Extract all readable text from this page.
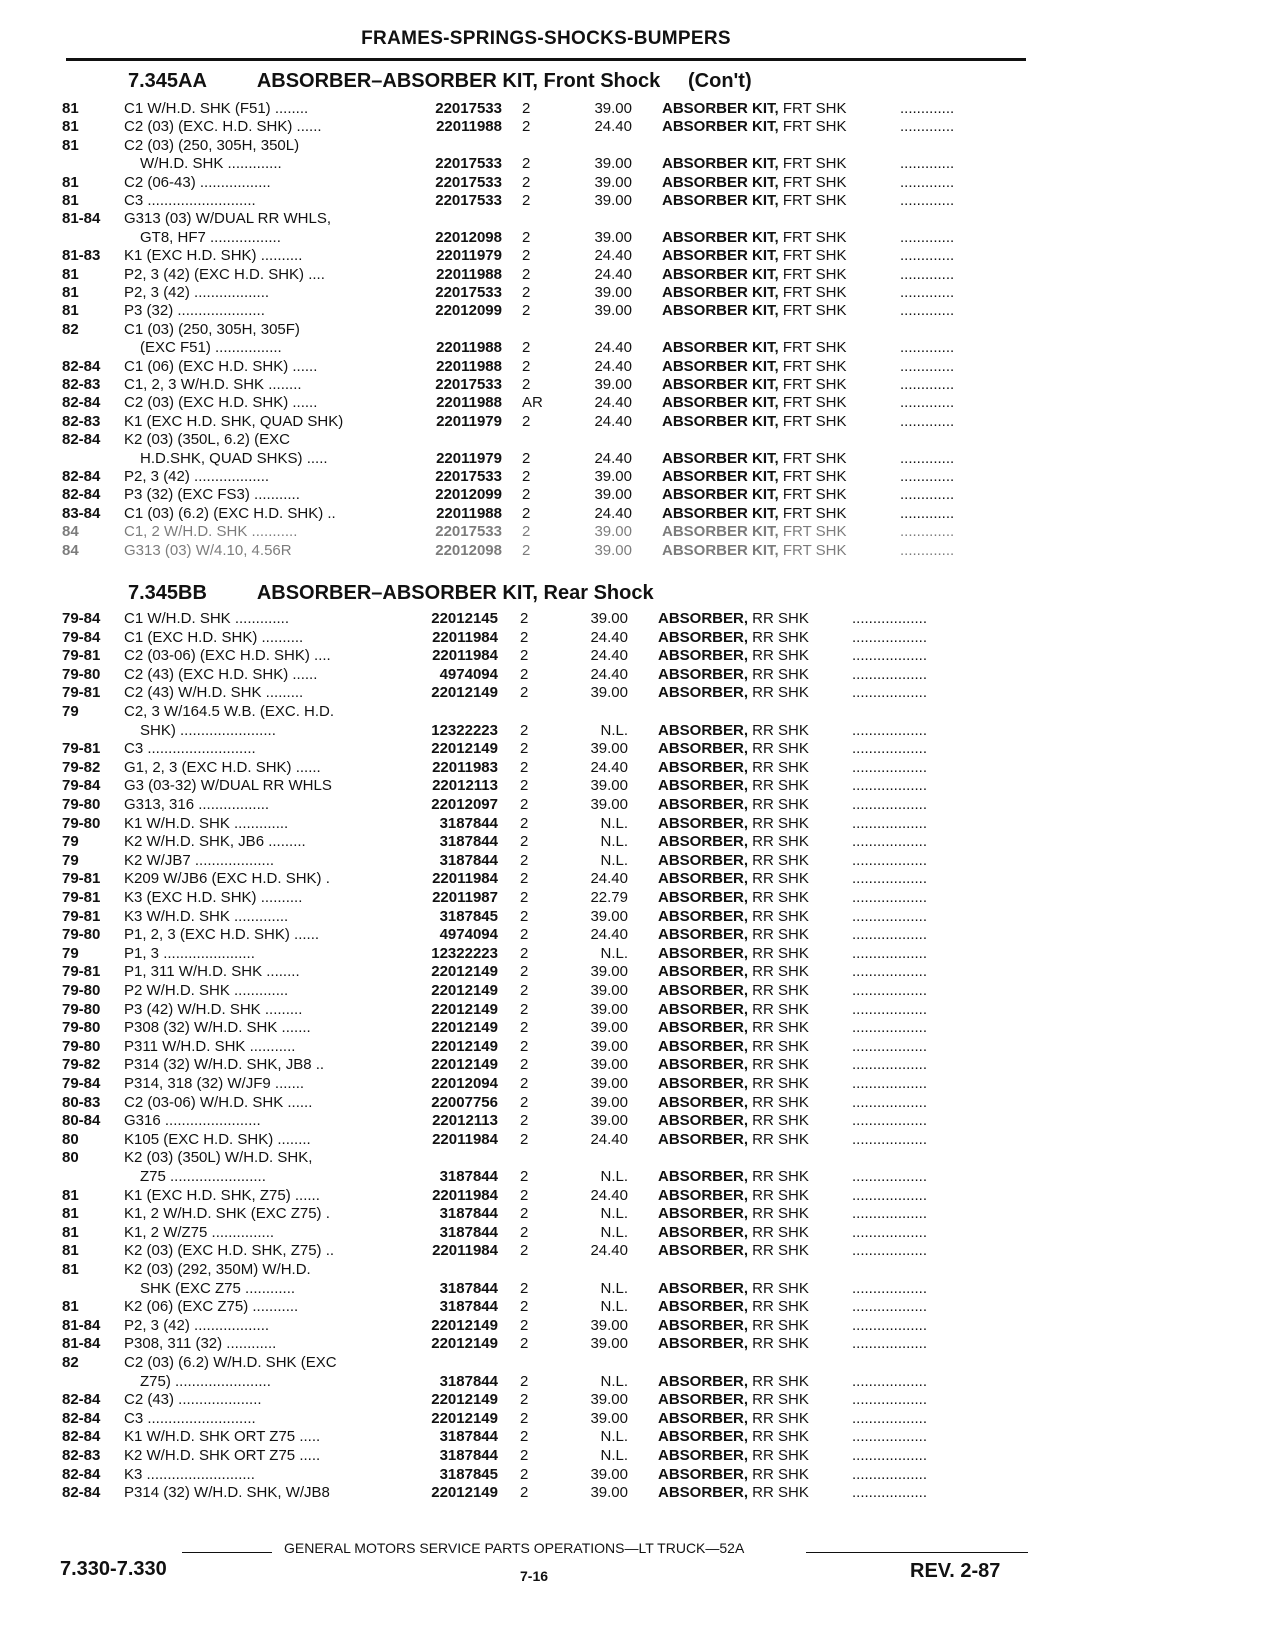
FRAMES-SPRINGS-SHOCKS-BUMPERS
7.345AA ABSORBER–ABSORBER KIT, Front Shock (Con't)
81	C1 W/H.D. SHK (F51) ........	22017533 2	39.00 ABSORBER KIT, FRT SHK	.............
81	C2 (03) (EXC. H.D. SHK) ......	22011988 2	24.40 ABSORBER KIT, FRT SHK	.............
81	C2 (03) (250, 305H, 350L)
W/H.D. SHK .............	22017533 2	39.00 ABSORBER KIT, FRT SHK	.............
81	C2 (06-43) .................	22017533 2	39.00 ABSORBER KIT, FRT SHK	.............
81	C3 ..........................	22017533 2	39.00 ABSORBER KIT, FRT SHK	.............
81-84 G313 (03) W/DUAL RR WHLS,
GT8, HF7 .................	22012098 2	39.00 ABSORBER KIT, FRT SHK	.............
81-83 K1 (EXC H.D. SHK) ..........	22011979 2	24.40 ABSORBER KIT, FRT SHK	.............
81	P2, 3 (42) (EXC H.D. SHK) ....	22011988 2	24.40 ABSORBER KIT, FRT SHK	.............
81	P2, 3 (42) ..................	22017533 2	39.00 ABSORBER KIT, FRT SHK	.............
81	P3 (32) .....................	22012099 2	39.00 ABSORBER KIT, FRT SHK	.............
82	C1 (03) (250, 305H, 305F)
(EXC F51) ................	22011988 2	24.40 ABSORBER KIT, FRT SHK	.............
82-84 C1 (06) (EXC H.D. SHK) ......	22011988 2	24.40 ABSORBER KIT, FRT SHK	.............
82-83 C1, 2, 3 W/H.D. SHK ........	22017533 2	39.00 ABSORBER KIT, FRT SHK	.............
82-84 C2 (03) (EXC H.D. SHK) ......	22011988 AR	24.40 ABSORBER KIT, FRT SHK	.............
82-83 K1 (EXC H.D. SHK, QUAD SHK)	22011979 2	24.40 ABSORBER KIT, FRT SHK	.............
82-84 K2 (03) (350L, 6.2) (EXC
H.D.SHK, QUAD SHKS) .....	22011979 2	24.40 ABSORBER KIT, FRT SHK	.............
82-84 P2, 3 (42) ..................	22017533 2	39.00 ABSORBER KIT, FRT SHK	.............
82-84 P3 (32) (EXC FS3) ...........	22012099 2	39.00 ABSORBER KIT, FRT SHK	.............
83-84 C1 (03) (6.2) (EXC H.D. SHK) ..	22011988 2	24.40 ABSORBER KIT, FRT SHK	.............
84	C1, 2 W/H.D. SHK ...........	22017533 2	39.00 ABSORBER KIT, FRT SHK	.............
84	G313 (03) W/4.10, 4.56R	22012098 2	39.00 ABSORBER KIT, FRT SHK	.............
7.345BB ABSORBER–ABSORBER KIT, Rear Shock
79-84 C1 W/H.D. SHK .............	22012145 2	39.00 ABSORBER, RR SHK	..................
79-84 C1 (EXC H.D. SHK) ..........	22011984 2	24.40 ABSORBER, RR SHK	..................
79-81 C2 (03-06) (EXC H.D. SHK) ....	22011984 2	24.40 ABSORBER, RR SHK	..................
79-80 C2 (43) (EXC H.D. SHK) ......	4974094 2	24.40 ABSORBER, RR SHK	..................
79-81 C2 (43) W/H.D. SHK .........	22012149 2	39.00 ABSORBER, RR SHK	..................
79	C2, 3 W/164.5 W.B. (EXC. H.D.
SHK) .......................	12322223 2	N.L. ABSORBER, RR SHK	..................
79-81 C3 ..........................	22012149 2	39.00 ABSORBER, RR SHK	..................
79-82 G1, 2, 3 (EXC H.D. SHK) ......	22011983 2	24.40 ABSORBER, RR SHK	..................
79-84 G3 (03-32) W/DUAL RR WHLS	22012113 2	39.00 ABSORBER, RR SHK	..................
79-80 G313, 316 .................	22012097 2	39.00 ABSORBER, RR SHK	..................
79-80 K1 W/H.D. SHK .............	3187844 2	N.L. ABSORBER, RR SHK	..................
79	K2 W/H.D. SHK, JB6 .........	3187844 2	N.L. ABSORBER, RR SHK	..................
79	K2 W/JB7 ...................	3187844 2	N.L. ABSORBER, RR SHK	..................
79-81 K209 W/JB6 (EXC H.D. SHK) .	22011984 2	24.40 ABSORBER, RR SHK	..................
79-81 K3 (EXC H.D. SHK) ..........	22011987 2	22.79 ABSORBER, RR SHK	..................
79-81 K3 W/H.D. SHK .............	3187845 2	39.00 ABSORBER, RR SHK	..................
79-80 P1, 2, 3 (EXC H.D. SHK) ......	4974094 2	24.40 ABSORBER, RR SHK	..................
79	P1, 3 ......................	12322223 2	N.L. ABSORBER, RR SHK	..................
79-81 P1, 311 W/H.D. SHK ........	22012149 2	39.00 ABSORBER, RR SHK	..................
79-80 P2 W/H.D. SHK .............	22012149 2	39.00 ABSORBER, RR SHK	..................
79-80 P3 (42) W/H.D. SHK .........	22012149 2	39.00 ABSORBER, RR SHK	..................
79-80 P308 (32) W/H.D. SHK .......	22012149 2	39.00 ABSORBER, RR SHK	..................
79-80 P311 W/H.D. SHK ...........	22012149 2	39.00 ABSORBER, RR SHK	..................
79-82 P314 (32) W/H.D. SHK, JB8 ..	22012149 2	39.00 ABSORBER, RR SHK	..................
79-84 P314, 318 (32) W/JF9 .......	22012094 2	39.00 ABSORBER, RR SHK	..................
80-83 C2 (03-06) W/H.D. SHK ......	22007756 2	39.00 ABSORBER, RR SHK	..................
80-84 G316 .......................	22012113 2	39.00 ABSORBER, RR SHK	..................
80	K105 (EXC H.D. SHK) ........	22011984 2	24.40 ABSORBER, RR SHK	..................
80	K2 (03) (350L) W/H.D. SHK,
Z75 .......................	3187844 2	N.L. ABSORBER, RR SHK	..................
81	K1 (EXC H.D. SHK, Z75) ......	22011984 2	24.40 ABSORBER, RR SHK	..................
81	K1, 2 W/H.D. SHK (EXC Z75) .	3187844 2	N.L. ABSORBER, RR SHK	..................
81	K1, 2 W/Z75 ...............	3187844 2	N.L. ABSORBER, RR SHK	..................
81	K2 (03) (EXC H.D. SHK, Z75) ..	22011984 2	24.40 ABSORBER, RR SHK	..................
81	K2 (03) (292, 350M) W/H.D.
SHK (EXC Z75 ............	3187844 2	N.L. ABSORBER, RR SHK	..................
81	K2 (06) (EXC Z75) ...........	3187844 2	N.L. ABSORBER, RR SHK	..................
81-84 P2, 3 (42) ..................	22012149 2	39.00 ABSORBER, RR SHK	..................
81-84 P308, 311 (32) ............	22012149 2	39.00 ABSORBER, RR SHK	..................
82	C2 (03) (6.2) W/H.D. SHK (EXC
Z75) .......................	3187844 2	N.L. ABSORBER, RR SHK	..................
82-84 C2 (43) ....................	22012149 2	39.00 ABSORBER, RR SHK	..................
82-84 C3 ..........................	22012149 2	39.00 ABSORBER, RR SHK	..................
82-84 K1 W/H.D. SHK ORT Z75 .....	3187844 2	N.L. ABSORBER, RR SHK	..................
82-83 K2 W/H.D. SHK ORT Z75 .....	3187844 2	N.L. ABSORBER, RR SHK	..................
82-84 K3 ..........................	3187845 2	39.00 ABSORBER, RR SHK	..................
82-84 P314 (32) W/H.D. SHK, W/JB8	22012149 2	39.00 ABSORBER, RR SHK	..................
GENERAL MOTORS SERVICE PARTS OPERATIONS—LT TRUCK—52A
7.330-7.330	7-16	REV. 2-87
